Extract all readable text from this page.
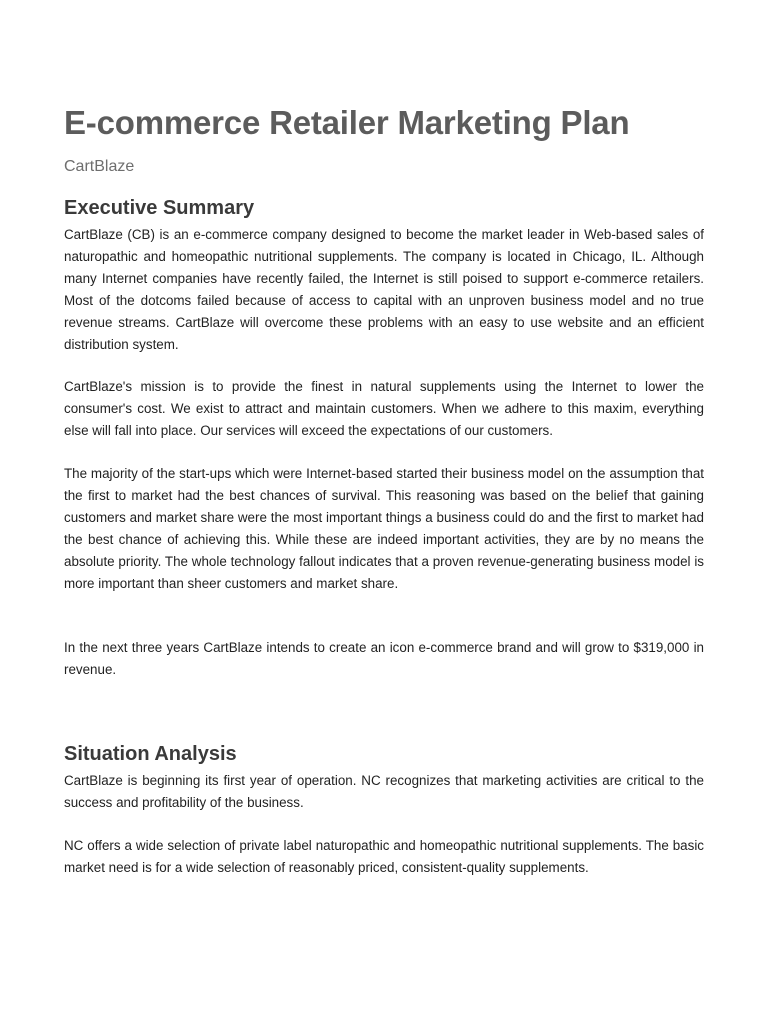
E-commerce Retailer Marketing Plan

CartBlaze

Executive Summary

CartBlaze (CB) is an e-commerce company designed to become the market leader in Web-based sales of naturopathic and homeopathic nutritional supplements. The company is located in Chicago, IL. Although many Internet companies have recently failed, the Internet is still poised to support e-commerce retailers. Most of the dotcoms failed because of access to capital with an unproven business model and no true revenue streams. CartBlaze will overcome these problems with an easy to use website and an efficient distribution system.

CartBlaze's mission is to provide the finest in natural supplements using the Internet to lower the consumer's cost. We exist to attract and maintain customers. When we adhere to this maxim, everything else will fall into place. Our services will exceed the expectations of our customers.

The majority of the start-ups which were Internet-based started their business model on the assumption that the first to market had the best chances of survival. This reasoning was based on the belief that gaining customers and market share were the most important things a business could do and the first to market had the best chance of achieving this. While these are indeed important activities, they are by no means the absolute priority. The whole technology fallout indicates that a proven revenue-generating business model is more important than sheer customers and market share.

In the next three years CartBlaze intends to create an icon e-commerce brand and will grow to $319,000 in revenue.

Situation Analysis

CartBlaze is beginning its first year of operation. NC recognizes that marketing activities are critical to the success and profitability of the business.

NC offers a wide selection of private label naturopathic and homeopathic nutritional supplements. The basic market need is for a wide selection of reasonably priced, consistent-quality supplements.
